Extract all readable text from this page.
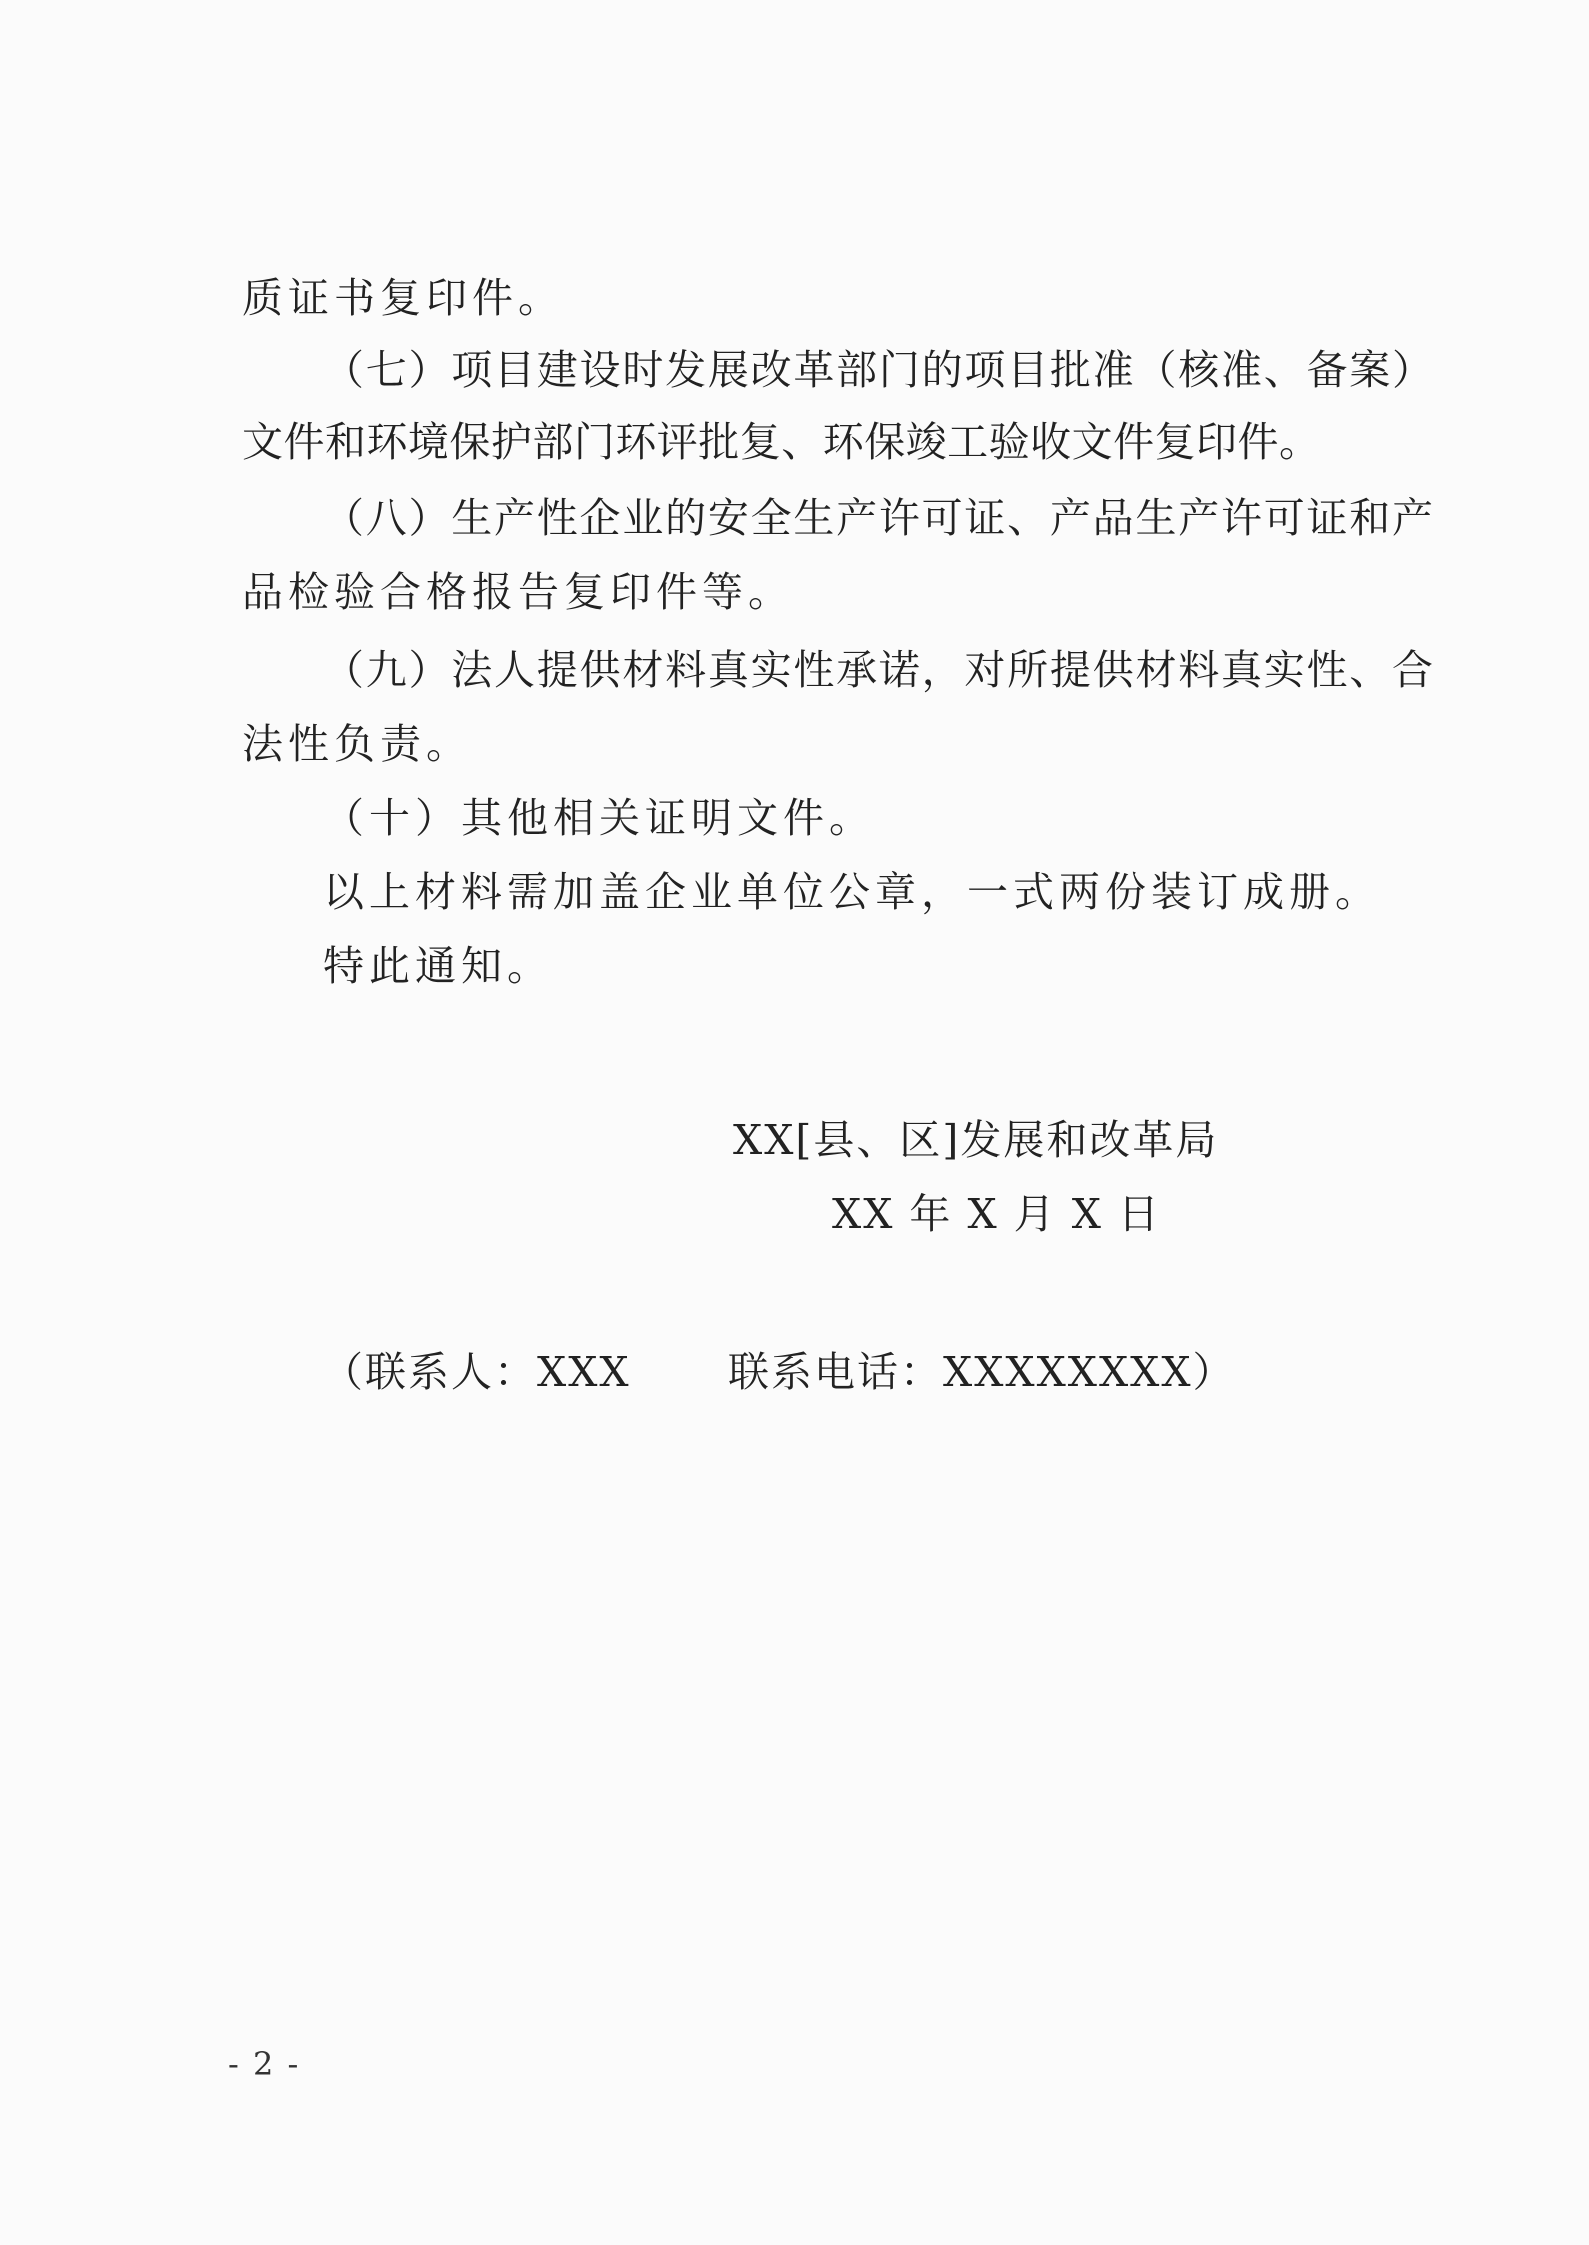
质证书复印件。
（七）项目建设时发展改革部门的项目批准（核准、备案）
文件和环境保护部门环评批复、环保竣工验收文件复印件。
（八）生产性企业的安全生产许可证、产品生产许可证和产
品检验合格报告复印件等。
（九）法人提供材料真实性承诺，对所提供材料真实性、合
法性负责。
（十）其他相关证明文件。
以上材料需加盖企业单位公章，一式两份装订成册。
特此通知。
XX[县、区]发展和改革局
XX 年 X 月 X 日
（联系人：XXX 联系电话：XXXXXXXX）
- 2 -
